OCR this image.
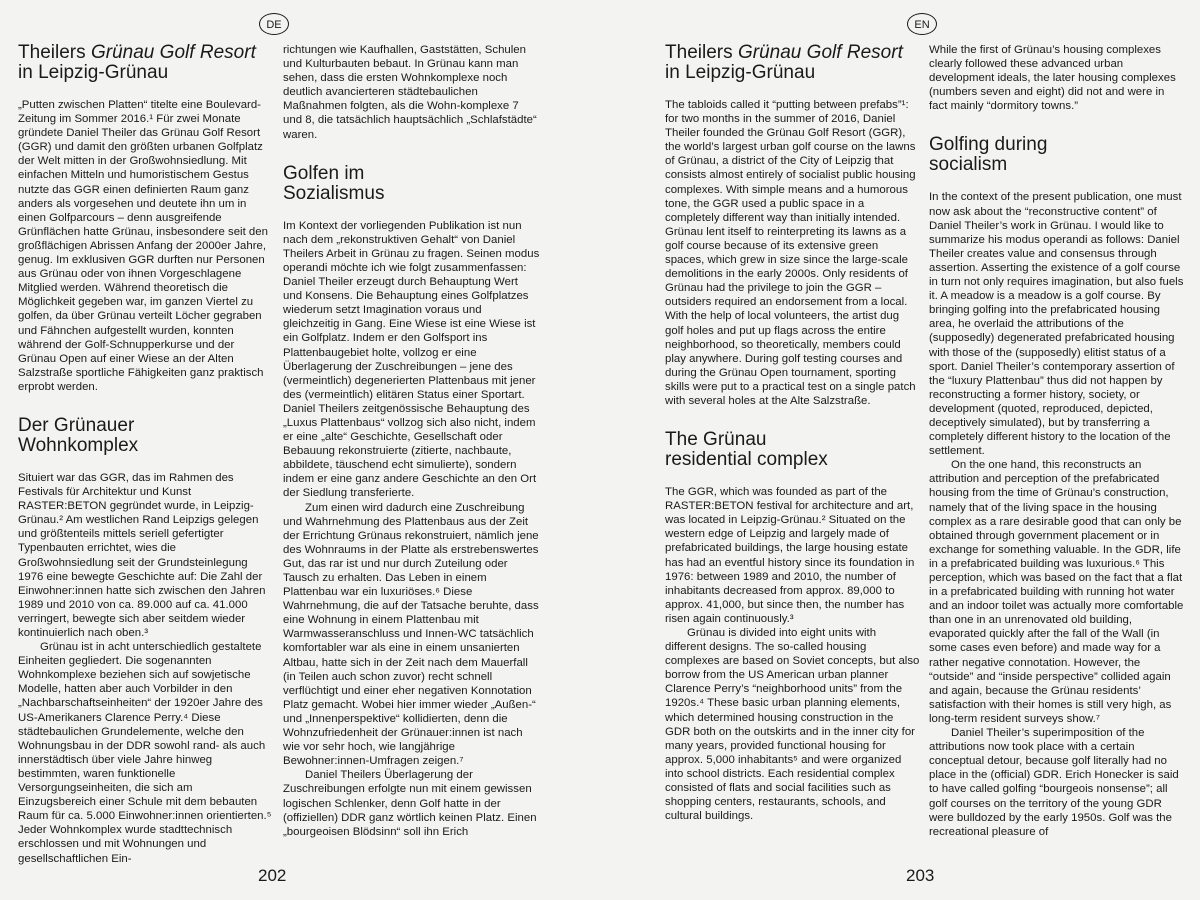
DE
Theilers Grünau Golf Resort
in Leipzig-Grünau

„Putten zwischen Platten“ titelte eine Boulevard-Zeitung im Sommer 2016.¹ Für zwei Monate gründete Daniel Theiler das Grünau Golf Resort (GGR) und damit den größten urbanen Golfplatz der Welt mitten in der Großwohnsiedlung. Mit einfachen Mitteln und humoristischem Gestus nutzte das GGR einen definierten Raum ganz anders als vorgesehen und deutete ihn um in einen Golfparcours – denn ausgreifende Grünflächen hatte Grünau, insbesondere seit den großflächigen Abrissen Anfang der 2000er Jahre, genug. Im exklusiven GGR durften nur Personen aus Grünau oder von ihnen Vorgeschlagene Mitglied werden. Während theoretisch die Möglichkeit gegeben war, im ganzen Viertel zu golfen, da über Grünau verteilt Löcher gegraben und Fähnchen aufgestellt wurden, konnten während der Golf-Schnupperkurse und der Grünau Open auf einer Wiese an der Alten Salzstraße sportliche Fähigkeiten ganz praktisch erprobt werden.

Der Grünauer
Wohnkomplex

Situiert war das GGR, das im Rahmen des Festivals für Architektur und Kunst RASTER:BETON gegründet wurde, in Leipzig-Grünau.² Am westlichen Rand Leipzigs gelegen und größtenteils mittels seriell gefertigter Typenbauten errichtet, wies die Großwohnsiedlung seit der Grundsteinlegung 1976 eine bewegte Geschichte auf: Die Zahl der Einwohner:innen hatte sich zwischen den Jahren 1989 und 2010 von ca. 89.000 auf ca. 41.000 verringert, bewegte sich aber seitdem wieder kontinuierlich nach oben.³

Grünau ist in acht unterschiedlich gestaltete Einheiten gegliedert. Die sogenannten Wohnkomplexe beziehen sich auf sowjetische Modelle, hatten aber auch Vorbilder in den „Nachbarschaftseinheiten“ der 1920er Jahre des US-Amerikaners Clarence Perry.⁴ Diese städtebaulichen Grundelemente, welche den Wohnungsbau in der DDR sowohl rand- als auch innerstädtisch über viele Jahre hinweg bestimmten, waren funktionelle Versorgungseinheiten, die sich am Einzugsbereich einer Schule mit dem bebauten Raum für ca. 5.000 Einwohner:innen orientierten.⁵ Jeder Wohnkomplex wurde stadttechnisch erschlossen und mit Wohnungen und gesellschaftlichen Ein-

richtungen wie Kaufhallen, Gaststätten, Schulen und Kulturbauten bebaut. In Grünau kann man sehen, dass die ersten Wohnkomplexe noch deutlich avancierteren städtebaulichen Maßnahmen folgten, als die Wohn-komplexe 7 und 8, die tatsächlich hauptsächlich „Schlafstädte“ waren.

Golfen im
Sozialismus

Im Kontext der vorliegenden Publikation ist nun nach dem „rekonstruktiven Gehalt“ von Daniel Theilers Arbeit in Grünau zu fragen. Seinen modus operandi möchte ich wie folgt zusammenfassen: Daniel Theiler erzeugt durch Behauptung Wert und Konsens. Die Behauptung eines Golfplatzes wiederum setzt Imagination voraus und gleichzeitig in Gang. Eine Wiese ist eine Wiese ist ein Golfplatz. Indem er den Golfsport ins Plattenbaugebiet holte, vollzog er eine Überlagerung der Zuschreibungen – jene des (vermeintlich) degenerierten Plattenbaus mit jener des (vermeintlich) elitären Status einer Sportart. Daniel Theilers zeitgenössische Behauptung des „Luxus Plattenbaus“ vollzog sich also nicht, indem er eine „alte“ Geschichte, Gesellschaft oder Bebauung rekonstruierte (zitierte, nachbaute, abbildete, täuschend echt simulierte), sondern indem er eine ganz andere Geschichte an den Ort der Siedlung transferierte.

Zum einen wird dadurch eine Zuschreibung und Wahrnehmung des Plattenbaus aus der Zeit der Errichtung Grünaus rekonstruiert, nämlich jene des Wohnraums in der Platte als erstrebenswertes Gut, das rar ist und nur durch Zuteilung oder Tausch zu erhalten. Das Leben in einem Plattenbau war ein luxuriöses.⁶ Diese Wahrnehmung, die auf der Tatsache beruhte, dass eine Wohnung in einem Plattenbau mit Warmwasseranschluss und Innen-WC tatsächlich komfortabler war als eine in einem unsanierten Altbau, hatte sich in der Zeit nach dem Mauerfall (in Teilen auch schon zuvor) recht schnell verflüchtigt und einer eher negativen Konnotation Platz gemacht. Wobei hier immer wieder „Außen-“ und „Innenperspektive“ kollidierten, denn die Wohnzufriedenheit der Grünauer:innen ist nach wie vor sehr hoch, wie langjährige Bewohner:innen-Umfragen zeigen.⁷

Daniel Theilers Überlagerung der Zuschreibungen erfolgte nun mit einem gewissen logischen Schlenker, denn Golf hatte in der (offiziellen) DDR ganz wörtlich keinen Platz. Einen „bourgeoisen Blödsinn“ soll ihn Erich

202
EN
Theilers Grünau Golf Resort
in Leipzig-Grünau

The tabloids called it “putting between prefabs”¹: for two months in the summer of 2016, Daniel Theiler founded the Grünau Golf Resort (GGR), the world’s largest urban golf course on the lawns of Grünau, a district of the City of Leipzig that consists almost entirely of socialist public housing complexes. With simple means and a humorous tone, the GGR used a public space in a completely different way than initially intended. Grünau lent itself to reinterpreting its lawns as a golf course because of its extensive green spaces, which grew in size since the large-scale demolitions in the early 2000s. Only residents of Grünau had the privilege to join the GGR – outsiders required an endorsement from a local. With the help of local volunteers, the artist dug golf holes and put up flags across the entire neighborhood, so theoretically, members could play anywhere. During golf testing courses and during the Grünau Open tournament, sporting skills were put to a practical test on a single patch with several holes at the Alte Salzstraße.

The Grünau
residential complex

The GGR, which was founded as part of the RASTER:BETON festival for architecture and art, was located in Leipzig-Grünau.² Situated on the western edge of Leipzig and largely made of prefabricated buildings, the large housing estate has had an eventful history since its foundation in 1976: between 1989 and 2010, the number of inhabitants decreased from approx. 89,000 to approx. 41,000, but since then, the number has risen again continuously.³

Grünau is divided into eight units with different designs. The so-called housing complexes are based on Soviet concepts, but also borrow from the US American urban planner Clarence Perry’s “neighborhood units” from the 1920s.⁴ These basic urban planning elements, which determined housing construction in the GDR both on the outskirts and in the inner city for many years, provided functional housing for approx. 5,000 inhabitants⁵ and were organized into school districts. Each residential complex consisted of flats and social facilities such as shopping centers, restaurants, schools, and cultural buildings.

While the first of Grünau’s housing complexes clearly followed these advanced urban development ideals, the later housing complexes (numbers seven and eight) did not and were in fact mainly “dormitory towns.”

Golfing during
socialism

In the context of the present publication, one must now ask about the “reconstructive content” of Daniel Theiler’s work in Grünau. I would like to summarize his modus operandi as follows: Daniel Theiler creates value and consensus through assertion. Asserting the existence of a golf course in turn not only requires imagination, but also fuels it. A meadow is a meadow is a golf course. By bringing golfing into the prefabricated housing area, he overlaid the attributions of the (supposedly) degenerated prefabricated housing with those of the (supposedly) elitist status of a sport. Daniel Theiler’s contemporary assertion of the “luxury Plattenbau” thus did not happen by reconstructing a former history, society, or development (quoted, reproduced, depicted, deceptively simulated), but by transferring a completely different history to the location of the settlement.

On the one hand, this reconstructs an attribution and perception of the prefabricated housing from the time of Grünau’s construction, namely that of the living space in the housing complex as a rare desirable good that can only be obtained through government placement or in exchange for something valuable. In the GDR, life in a prefabricated building was luxurious.⁶ This perception, which was based on the fact that a flat in a prefabricated building with running hot water and an indoor toilet was actually more comfortable than one in an unrenovated old building, evaporated quickly after the fall of the Wall (in some cases even before) and made way for a rather negative connotation. However, the “outside” and “inside perspective” collided again and again, because the Grünau residents’ satisfaction with their homes is still very high, as long-term resident surveys show.⁷

Daniel Theiler’s superimposition of the attributions now took place with a certain conceptual detour, because golf literally had no place in the (official) GDR. Erich Honecker is said to have called golfing “bourgeois nonsense”; all golf courses on the territory of the young GDR were bulldozed by the early 1950s. Golf was the recreational pleasure of

203
